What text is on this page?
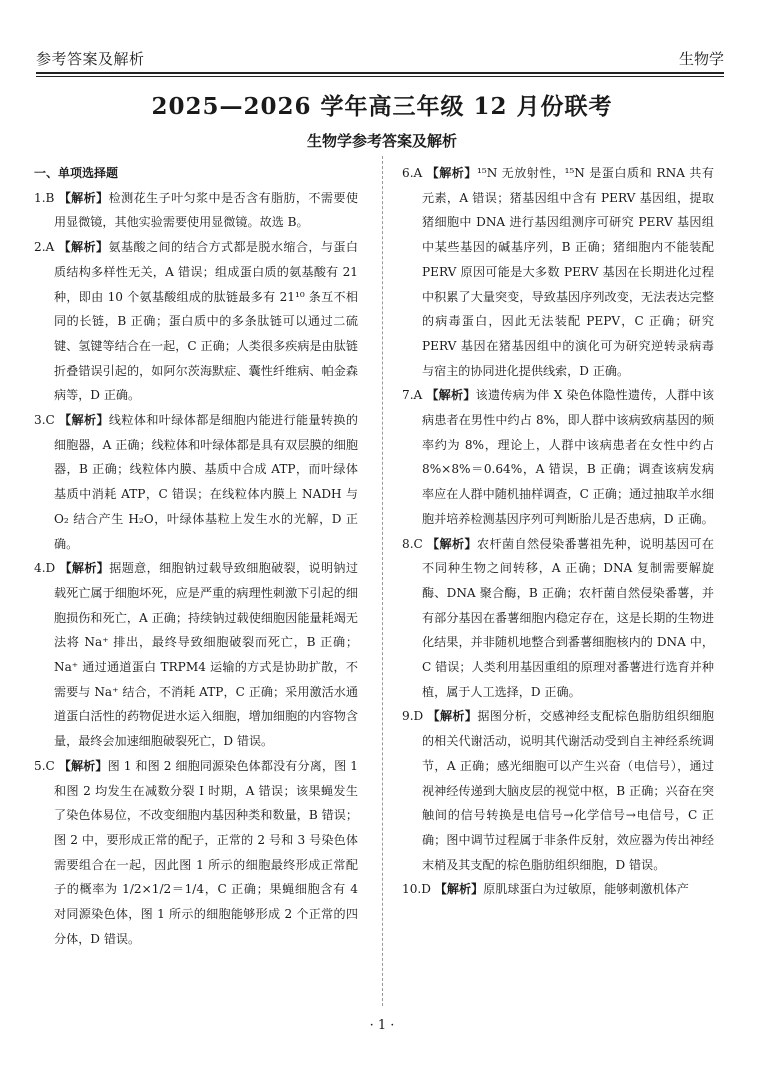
参考答案及解析	生物学
2025—2026 学年高三年级 12 月份联考
生物学参考答案及解析

一、单项选择题

1.B 【解析】检测花生子叶匀浆中是否含有脂肪，不需要使用显微镜，其他实验需要使用显微镜。故选 B。

2.A 【解析】氨基酸之间的结合方式都是脱水缩合，与蛋白质结构多样性无关，A 错误；组成蛋白质的氨基酸有 21 种，即由 10 个氨基酸组成的肽链最多有 21¹⁰ 条互不相同的长链，B 正确；蛋白质中的多条肽链可以通过二硫键、氢键等结合在一起，C 正确；人类很多疾病是由肽链折叠错误引起的，如阿尔茨海默症、囊性纤维病、帕金森病等，D 正确。

3.C 【解析】线粒体和叶绿体都是细胞内能进行能量转换的细胞器，A 正确；线粒体和叶绿体都是具有双层膜的细胞器，B 正确；线粒体内膜、基质中合成 ATP，而叶绿体基质中消耗 ATP，C 错误；在线粒体内膜上 NADH 与 O₂ 结合产生 H₂O，叶绿体基粒上发生水的光解，D 正确。

4.D 【解析】据题意，细胞钠过载导致细胞破裂，说明钠过载死亡属于细胞坏死，应是严重的病理性刺激下引起的细胞损伤和死亡，A 正确；持续钠过载使细胞因能量耗竭无法将 Na⁺ 排出，最终导致细胞破裂而死亡，B 正确；Na⁺ 通过通道蛋白 TRPM4 运输的方式是协助扩散，不需要与 Na⁺ 结合，不消耗 ATP，C 正确；采用激活水通道蛋白活性的药物促进水运入细胞，增加细胞的内容物含量，最终会加速细胞破裂死亡，D 错误。

5.C 【解析】图 1 和图 2 细胞同源染色体都没有分离，图 1 和图 2 均发生在减数分裂 I 时期，A 错误；该果蝇发生了染色体易位，不改变细胞内基因种类和数量，B 错误；图 2 中，要形成正常的配子，正常的 2 号和 3 号染色体需要组合在一起，因此图 1 所示的细胞最终形成正常配子的概率为 1/2×1/2＝1/4，C 正确；果蝇细胞含有 4 对同源染色体，图 1 所示的细胞能够形成 2 个正常的四分体，D 错误。

6.A 【解析】¹⁵N 无放射性，¹⁵N 是蛋白质和 RNA 共有元素，A 错误；猪基因组中含有 PERV 基因组，提取猪细胞中 DNA 进行基因组测序可研究 PERV 基因组中某些基因的碱基序列，B 正确；猪细胞内不能装配 PERV 原因可能是大多数 PERV 基因在长期进化过程中积累了大量突变，导致基因序列改变，无法表达完整的病毒蛋白，因此无法装配 PEPV，C 正确；研究 PERV 基因在猪基因组中的演化可为研究逆转录病毒与宿主的协同进化提供线索，D 正确。

7.A 【解析】该遗传病为伴 X 染色体隐性遗传，人群中该病患者在男性中约占 8%，即人群中该病致病基因的频率约为 8%，理论上，人群中该病患者在女性中约占 8%×8%＝0.64%，A 错误，B 正确；调查该病发病率应在人群中随机抽样调查，C 正确；通过抽取羊水细胞并培养检测基因序列可判断胎儿是否患病，D 正确。

8.C 【解析】农杆菌自然侵染番薯祖先种，说明基因可在不同种生物之间转移，A 正确；DNA 复制需要解旋酶、DNA 聚合酶，B 正确；农杆菌自然侵染番薯，并有部分基因在番薯细胞内稳定存在，这是长期的生物进化结果，并非随机地整合到番薯细胞核内的 DNA 中，C 错误；人类利用基因重组的原理对番薯进行选育并种植，属于人工选择，D 正确。

9.D 【解析】据图分析，交感神经支配棕色脂肪组织细胞的相关代谢活动，说明其代谢活动受到自主神经系统调节，A 正确；感光细胞可以产生兴奋（电信号），通过视神经传递到大脑皮层的视觉中枢，B 正确；兴奋在突触间的信号转换是电信号→化学信号→电信号，C 正确；图中调节过程属于非条件反射，效应器为传出神经末梢及其支配的棕色脂肪组织细胞，D 错误。

10.D 【解析】原肌球蛋白为过敏原，能够刺激机体产

· 1 ·
